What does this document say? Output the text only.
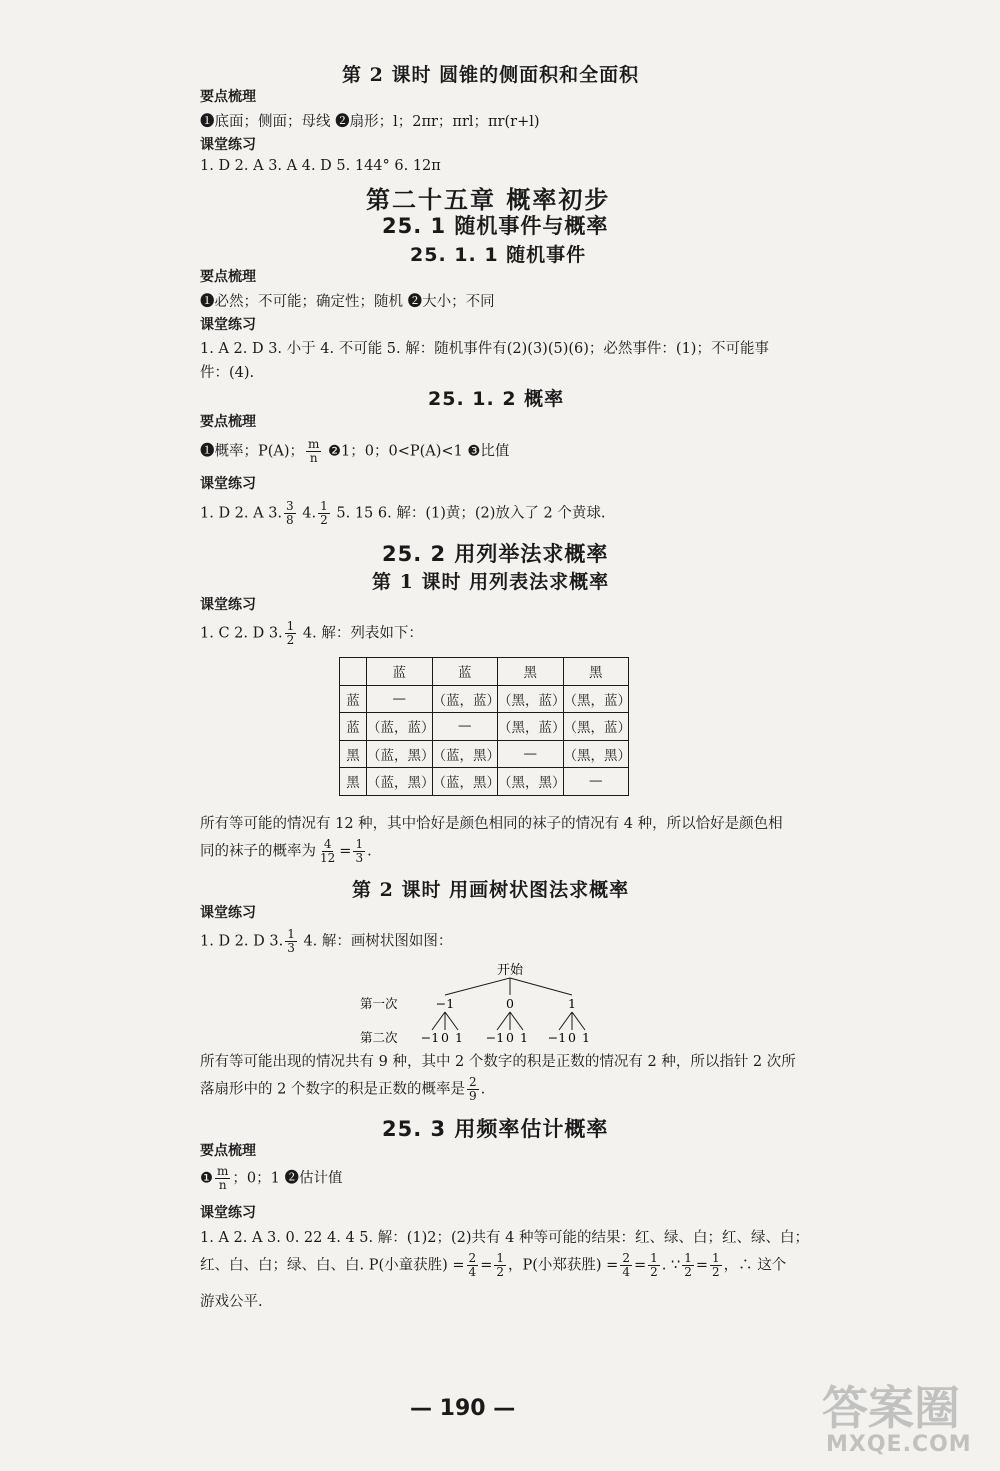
第 2 课时 圆锥的侧面积和全面积
要点梳理
❶底面；侧面；母线 ❷扇形；l；2πr；πrl；πr(r+l)
课堂练习
1. D 2. A 3. A 4. D 5. 144° 6. 12π
第二十五章 概率初步
25. 1 随机事件与概率
25. 1. 1 随机事件
要点梳理
❶必然；不可能；确定性；随机 ❷大小；不同
课堂练习
1. A 2. D 3. 小于 4. 不可能 5. 解：随机事件有(2)(3)(5)(6)；必然事件：(1)；不可能事
件：(4).
25. 1. 2 概率
要点梳理
❶概率；P(A)； $\frac{m}{n}$ ❷1；0；0<P(A)<1 ❸比值
课堂练习
1. D 2. A 3. $\frac{3}{8} 4$. $\frac{1}{2} 5$. 15 6. 解：(1)黄；(2)放入了 2 个黄球.
25. 2 用列举法求概率
第 1 课时 用列表法求概率
课堂练习
1. C 2. D 3. $\frac{1}{2} 4$. 解：列表如下：
	蓝	蓝	黑	黑
蓝	—	（蓝，蓝）	（黑，蓝）	（黑，蓝）
蓝	（蓝，蓝）	—	（黑，蓝）	（黑，蓝）
黑	（蓝，黑）	（蓝，黑）	—	（黑，黑）
黑	（蓝，黑）	（蓝，黑）	（黑，黑）	—
所有等可能的情况有 12 种，其中恰好是颜色相同的袜子的情况有 4 种，所以恰好是颜色相
同的袜子的概率为 $\frac{4}{12} = \frac{1}{3}$ .
第 2 课时 用画树状图法求概率
课堂练习
1. D 2. D 3. $\frac{1}{3} 4$. 解：画树状图如图：
开始
第一次	−1	0	1
第二次 −1 0 1 −1 0 1 −1 0 1
所有等可能出现的情况共有 9 种，其中 2 个数字的积是正数的情况有 2 种，所以指针 2 次所
落扇形中的 2 个数字的积是正数的概率是 $\frac{2}{9}$ .
25. 3 用频率估计概率
要点梳理
❶ $\frac{m}{n}$ ；0；1 ❷估计值
课堂练习
1. A 2. A 3. 0. 22 4. 4 5. 解：(1)2；(2)共有 4 种等可能的结果：红、绿、白；红、绿、白；
红、白、白；绿、白、白. P(小童获胜) = $\frac{2}{4} = \frac{1}{2}$ ，P(小郑获胜) = $\frac{2}{4} = \frac{1}{2}$ . ∵ $\frac{1}{2} = \frac{1}{2}$ ，∴ 这个
游戏公平.
— 190 —	答案圈
MXQE.COM
